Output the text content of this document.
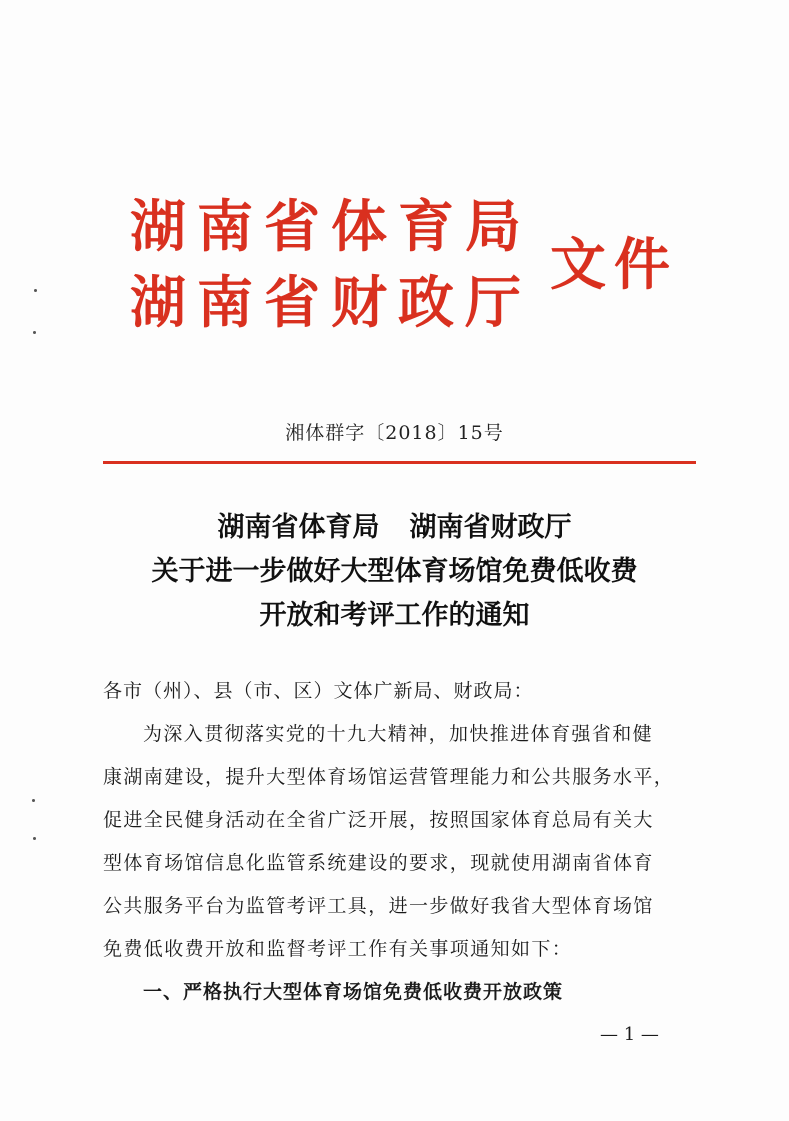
湖南省体育局
湖南省财政厅
文件
湘体群字〔2018〕15号
湖南省体育局 湖南省财政厅
关于进一步做好大型体育场馆免费低收费
开放和考评工作的通知
各市（州）、县（市、区）文体广新局、财政局：
为深入贯彻落实党的十九大精神，加快推进体育强省和健
康湖南建设，提升大型体育场馆运营管理能力和公共服务水平，
促进全民健身活动在全省广泛开展，按照国家体育总局有关大
型体育场馆信息化监管系统建设的要求，现就使用湖南省体育
公共服务平台为监管考评工具，进一步做好我省大型体育场馆
免费低收费开放和监督考评工作有关事项通知如下：
一、严格执行大型体育场馆免费低收费开放政策
— 1 —
